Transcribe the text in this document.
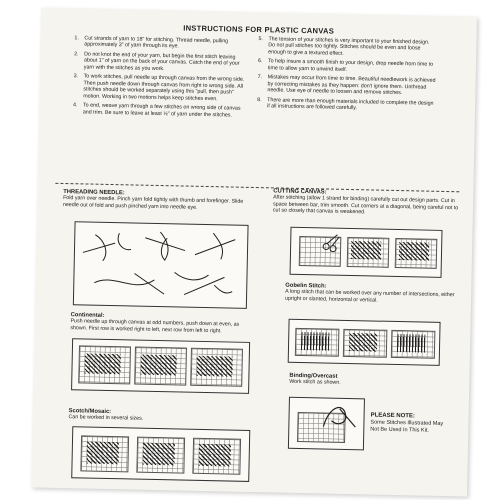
INSTRUCTIONS FOR PLASTIC CANVAS
1.	Cut strands of yarn to 18" for stitching. Thread needle, pulling approximately 3" of yarn through its eye.
2.	Do not knot the end of your yarn, but begin the first stitch leaving about 1" of yarn on the back of your canvas. Catch the end of your yarn with the stitches as you work.
3.	To work stitches, pull needle up through canvas from the wrong side. Then push needle down through canvas from right to wrong side. All stitches should be worked separately using this "pull, then push" motion. Working in two motions helps keep stitches even.
4.	To end, weave yarn through a few stitches on wrong side of canvas and trim. Be sure to leave at least ½" of yarn under the stitches.
5.	The tension of your stitches is very important to your finished design. Do not pull stitches too tightly. Stitches should be even and loose enough to give a textured effect.
6.	To help insure a smooth finish to your design, drop needle from time to time to allow yarn to unwind itself.
7.	Mistakes may occur from time to time. Beautiful needlework is achieved by correcting mistakes as they happen: don't ignore them. Unthread needle. Use eye of needle to loosen and remove stitches.
8.	There are more than enough materials included to complete the design if all instructions are followed carefully.
THREADING NEEDLE:
Fold yarn over needle. Pinch yarn fold tightly with thumb and forefinger. Slide needle out of fold and push pinched yarn into needle eye.
CUTTING CANVAS:
After stitching (allow 1 strand for binding) carefully cut out design parts. Cut in space between bar, trim smooth. Cut corners at a diagonal, being careful not to cut so closely that canvas is weakened.
Gobelin Stitch:
A long stitch that can be worked over any number of intersections, either upright or slanted, horizontal or vertical.
Continental:
Push needle up through canvas at odd numbers, push down at even, as shown. First row is worked right to left, next row from left to right.
Binding/Overcast
Work stitch as shown.
PLEASE NOTE:
Some Stitches Illustrated May Not Be Used In This Kit.
Scotch/Mosaic:
Can be worked in several sizes.
